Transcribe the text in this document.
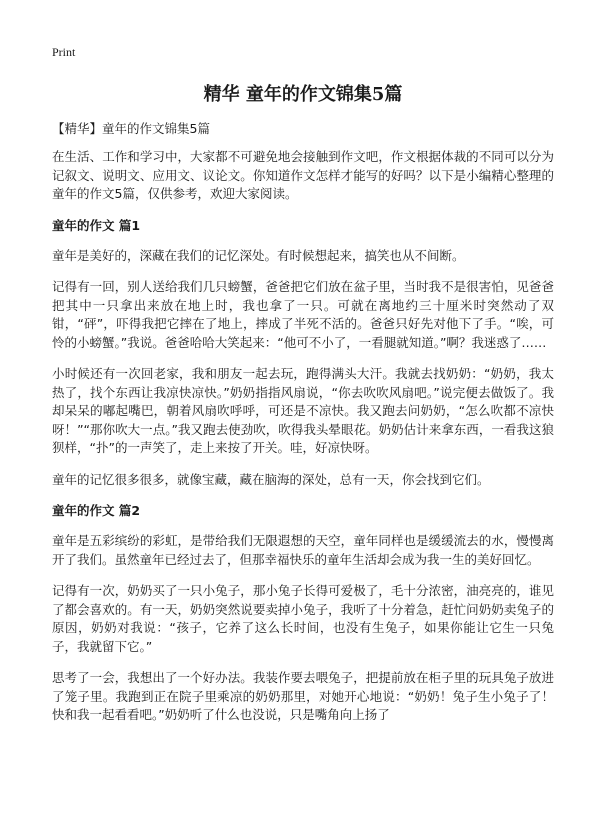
Print
精华 童年的作文锦集5篇
【精华】童年的作文锦集5篇

在生活、工作和学习中，大家都不可避免地会接触到作文吧，作文根据体裁的不同可以分为记叙文、说明文、应用文、议论文。你知道作文怎样才能写的好吗？以下是小编精心整理的童年的作文5篇，仅供参考，欢迎大家阅读。

童年的作文 篇1

童年是美好的，深藏在我们的记忆深处。有时候想起来，搞笑也从不间断。

记得有一回，别人送给我们几只螃蟹，爸爸把它们放在盆子里，当时我不是很害怕，见爸爸把其中一只拿出来放在地上时，我也拿了一只。可就在离地约三十厘米时突然动了双钳，“砰”，吓得我把它摔在了地上，摔成了半死不活的。爸爸只好先对他下了手。“唉，可怜的小螃蟹。”我说。爸爸哈哈大笑起来：“他可不小了，一看腿就知道。”啊？我迷惑了……

小时候还有一次回老家，我和朋友一起去玩，跑得满头大汗。我就去找奶奶：“奶奶，我太热了，找个东西让我凉快凉快。”奶奶指指风扇说，“你去吹吹风扇吧。”说完便去做饭了。我却呆呆的嘟起嘴巴，朝着风扇吹呼呼，可还是不凉快。我又跑去问奶奶，“怎么吹都不凉快呀！”“那你吹大一点。”我又跑去使劲吹，吹得我头晕眼花。奶奶估计来拿东西，一看我这狼狈样，“扑”的一声笑了，走上来按了开关。哇，好凉快呀。

童年的记忆很多很多，就像宝藏，藏在脑海的深处，总有一天，你会找到它们。

童年的作文 篇2

童年是五彩缤纷的彩虹，是带给我们无限遐想的天空，童年同样也是缓缓流去的水，慢慢离开了我们。虽然童年已经过去了，但那幸福快乐的童年生活却会成为我一生的美好回忆。

记得有一次，奶奶买了一只小兔子，那小兔子长得可爱极了，毛十分浓密，油亮亮的，谁见了都会喜欢的。有一天，奶奶突然说要卖掉小兔子，我听了十分着急，赶忙问奶奶卖兔子的原因，奶奶对我说：“孩子，它养了这么长时间，也没有生兔子，如果你能让它生一只兔子，我就留下它。”

思考了一会，我想出了一个好办法。我装作要去喂兔子，把提前放在柜子里的玩具兔子放进了笼子里。我跑到正在院子里乘凉的奶奶那里，对她开心地说：“奶奶！兔子生小兔子了！快和我一起看看吧。”奶奶听了什么也没说，只是嘴角向上扬了
